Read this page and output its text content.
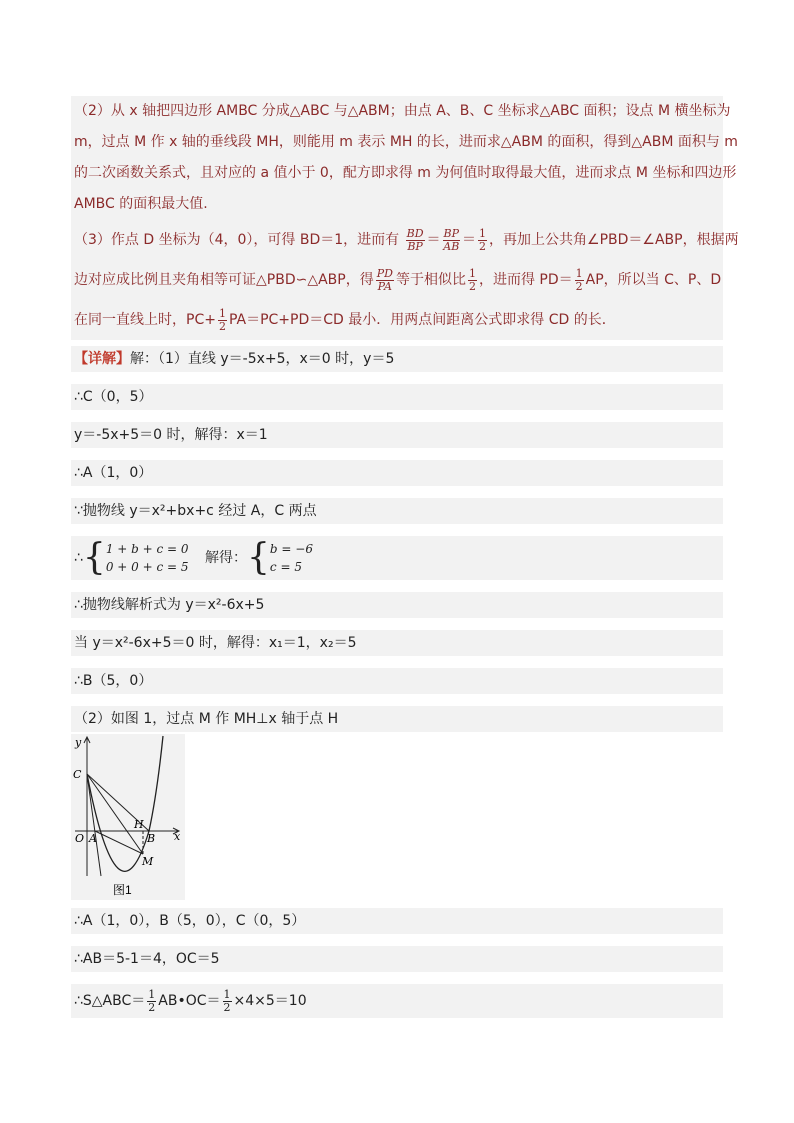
（2）从 x 轴把四边形 AMBC 分成△ABC 与△ABM；由点 A、B、C 坐标求△ABC 面积；设点 M 横坐标为
m，过点 M 作 x 轴的垂线段 MH，则能用 m 表示 MH 的长，进而求△ABM 的面积，得到△ABM 面积与 m
的二次函数关系式，且对应的 a 值小于 0，配方即求得 m 为何值时取得最大值，进而求点 M 坐标和四边形
AMBC 的面积最大值.
（3）作点 D 坐标为（4，0），可得 BD＝1，进而有 $\frac{BD}{BP} = \frac{BP}{AB} = \frac{1}{2}$ ，再加上公共角∠PBD＝∠ABP，根据两
边对应成比例且夹角相等可证△PBD∽△ABP，得 $\frac{PD}{PA}$ 等于相似比 $\frac{1}{2}$ ，进而得 $PD= \frac{1}{2}$ AP，所以当 C、P、D
在同一直线上时，$PC+ \frac{1}{2} PA=PC+PD=CD$ 最小．用两点间距离公式即求得 CD 的长．
【详解】解：（1）直线 y＝-5x+5，x＝0 时，y＝5
∴C（0，5）
y＝-5x+5＝0 时，解得：x＝1
∴A（1，0）
∵抛物线 y＝x²+bx+c 经过 A，C 两点
∴{ 1 + b + c = 0
0 + 0 + c = 5
解得：{ b = −6
c = 5
∴抛物线解析式为 y＝x²-6x+5
当 y＝x²-6x+5＝0 时，解得：x₁＝1，x₂＝5
∴B（5，0）
（2）如图 1，过点 M 作 MH⊥x 轴于点 H
y
x
O A	B
C
H
M
图1
∴A（1，0），B（5，0），C（0，5）
∴AB＝5-1＝4，OC＝5
∴S△ABC＝ $\frac{1}{2}$ AB•OC＝ $\frac{1}{2} \times 4\times 5=10$
